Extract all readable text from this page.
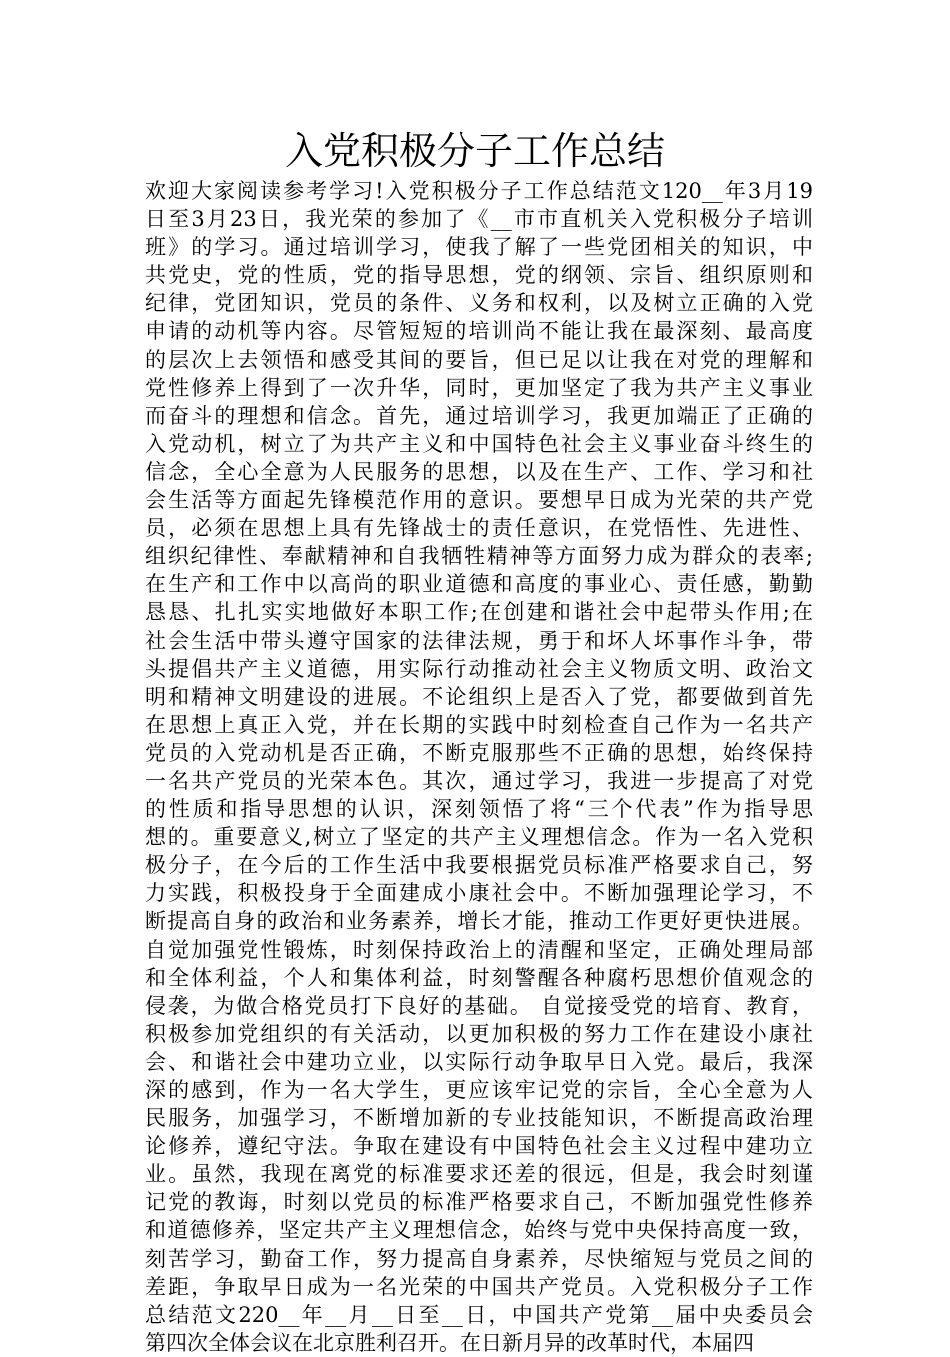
入党积极分子工作总结
欢迎大家阅读参考学习!入党积极分子工作总结范文120__年3月19
日至3月23日，我光荣的参加了《__市市直机关入党积极分子培训
班》的学习。通过培训学习，使我了解了一些党团相关的知识，中
共党史，党的性质，党的指导思想，党的纲领、宗旨、组织原则和
纪律，党团知识，党员的条件、义务和权利，以及树立正确的入党
申请的动机等内容。尽管短短的培训尚不能让我在最深刻、最高度
的层次上去领悟和感受其间的要旨，但已足以让我在对党的理解和
党性修养上得到了一次升华，同时，更加坚定了我为共产主义事业
而奋斗的理想和信念。首先，通过培训学习，我更加端正了正确的
入党动机，树立了为共产主义和中国特色社会主义事业奋斗终生的
信念，全心全意为人民服务的思想，以及在生产、工作、学习和社
会生活等方面起先锋模范作用的意识。要想早日成为光荣的共产党
员，必须在思想上具有先锋战士的责任意识，在党悟性、先进性、
组织纪律性、奉献精神和自我牺牲精神等方面努力成为群众的表率;
在生产和工作中以高尚的职业道德和高度的事业心、责任感，勤勤
恳恳、扎扎实实地做好本职工作;在创建和谐社会中起带头作用;在
社会生活中带头遵守国家的法律法规，勇于和坏人坏事作斗争，带
头提倡共产主义道德，用实际行动推动社会主义物质文明、政治文
明和精神文明建设的进展。不论组织上是否入了党，都要做到首先
在思想上真正入党，并在长期的实践中时刻检查自己作为一名共产
党员的入党动机是否正确，不断克服那些不正确的思想，始终保持
一名共产党员的光荣本色。其次，通过学习，我进一步提高了对党
的性质和指导思想的认识，深刻领悟了将“三个代表”作为指导思
想的。重要意义,树立了坚定的共产主义理想信念。作为一名入党积
极分子，在今后的工作生活中我要根据党员标准严格要求自己，努
力实践，积极投身于全面建成小康社会中。不断加强理论学习，不
断提高自身的政治和业务素养，增长才能，推动工作更好更快进展。
自觉加强党性锻炼，时刻保持政治上的清醒和坚定，正确处理局部
和全体利益，个人和集体利益，时刻警醒各种腐朽思想价值观念的
侵袭，为做合格党员打下良好的基础。 自觉接受党的培育、教育，
积极参加党组织的有关活动，以更加积极的努力工作在建设小康社
会、和谐社会中建功立业，以实际行动争取早日入党。最后，我深
深的感到，作为一名大学生，更应该牢记党的宗旨，全心全意为人
民服务，加强学习，不断增加新的专业技能知识，不断提高政治理
论修养，遵纪守法。争取在建设有中国特色社会主义过程中建功立
业。虽然，我现在离党的标准要求还差的很远，但是，我会时刻谨
记党的教诲，时刻以党员的标准严格要求自己，不断加强党性修养
和道德修养，坚定共产主义理想信念，始终与党中央保持高度一致，
刻苦学习，勤奋工作，努力提高自身素养，尽快缩短与党员之间的
差距，争取早日成为一名光荣的中国共产党员。入党积极分子工作
总结范文220__年__月__日至__日，中国共产党第__届中央委员会
第四次全体会议在北京胜利召开。在日新月异的改革时代，本届四
